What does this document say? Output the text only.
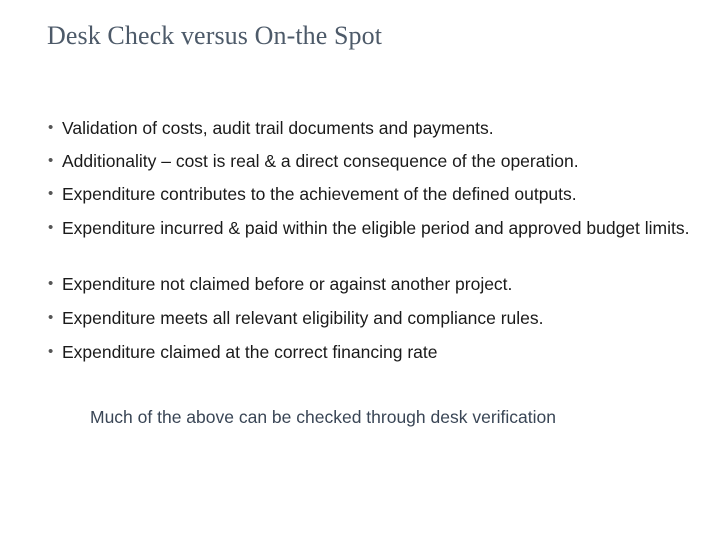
Desk Check versus On-the Spot
• Validation of costs, audit trail documents and payments.
• Additionality – cost is real & a direct consequence of the operation.
• Expenditure contributes to the achievement of the defined outputs.
• Expenditure incurred & paid within the eligible period and approved budget limits.
• Expenditure not claimed before or against another project.
• Expenditure meets all relevant eligibility and compliance rules.
• Expenditure claimed at the correct financing rate

Much of the above can be checked through desk verification
